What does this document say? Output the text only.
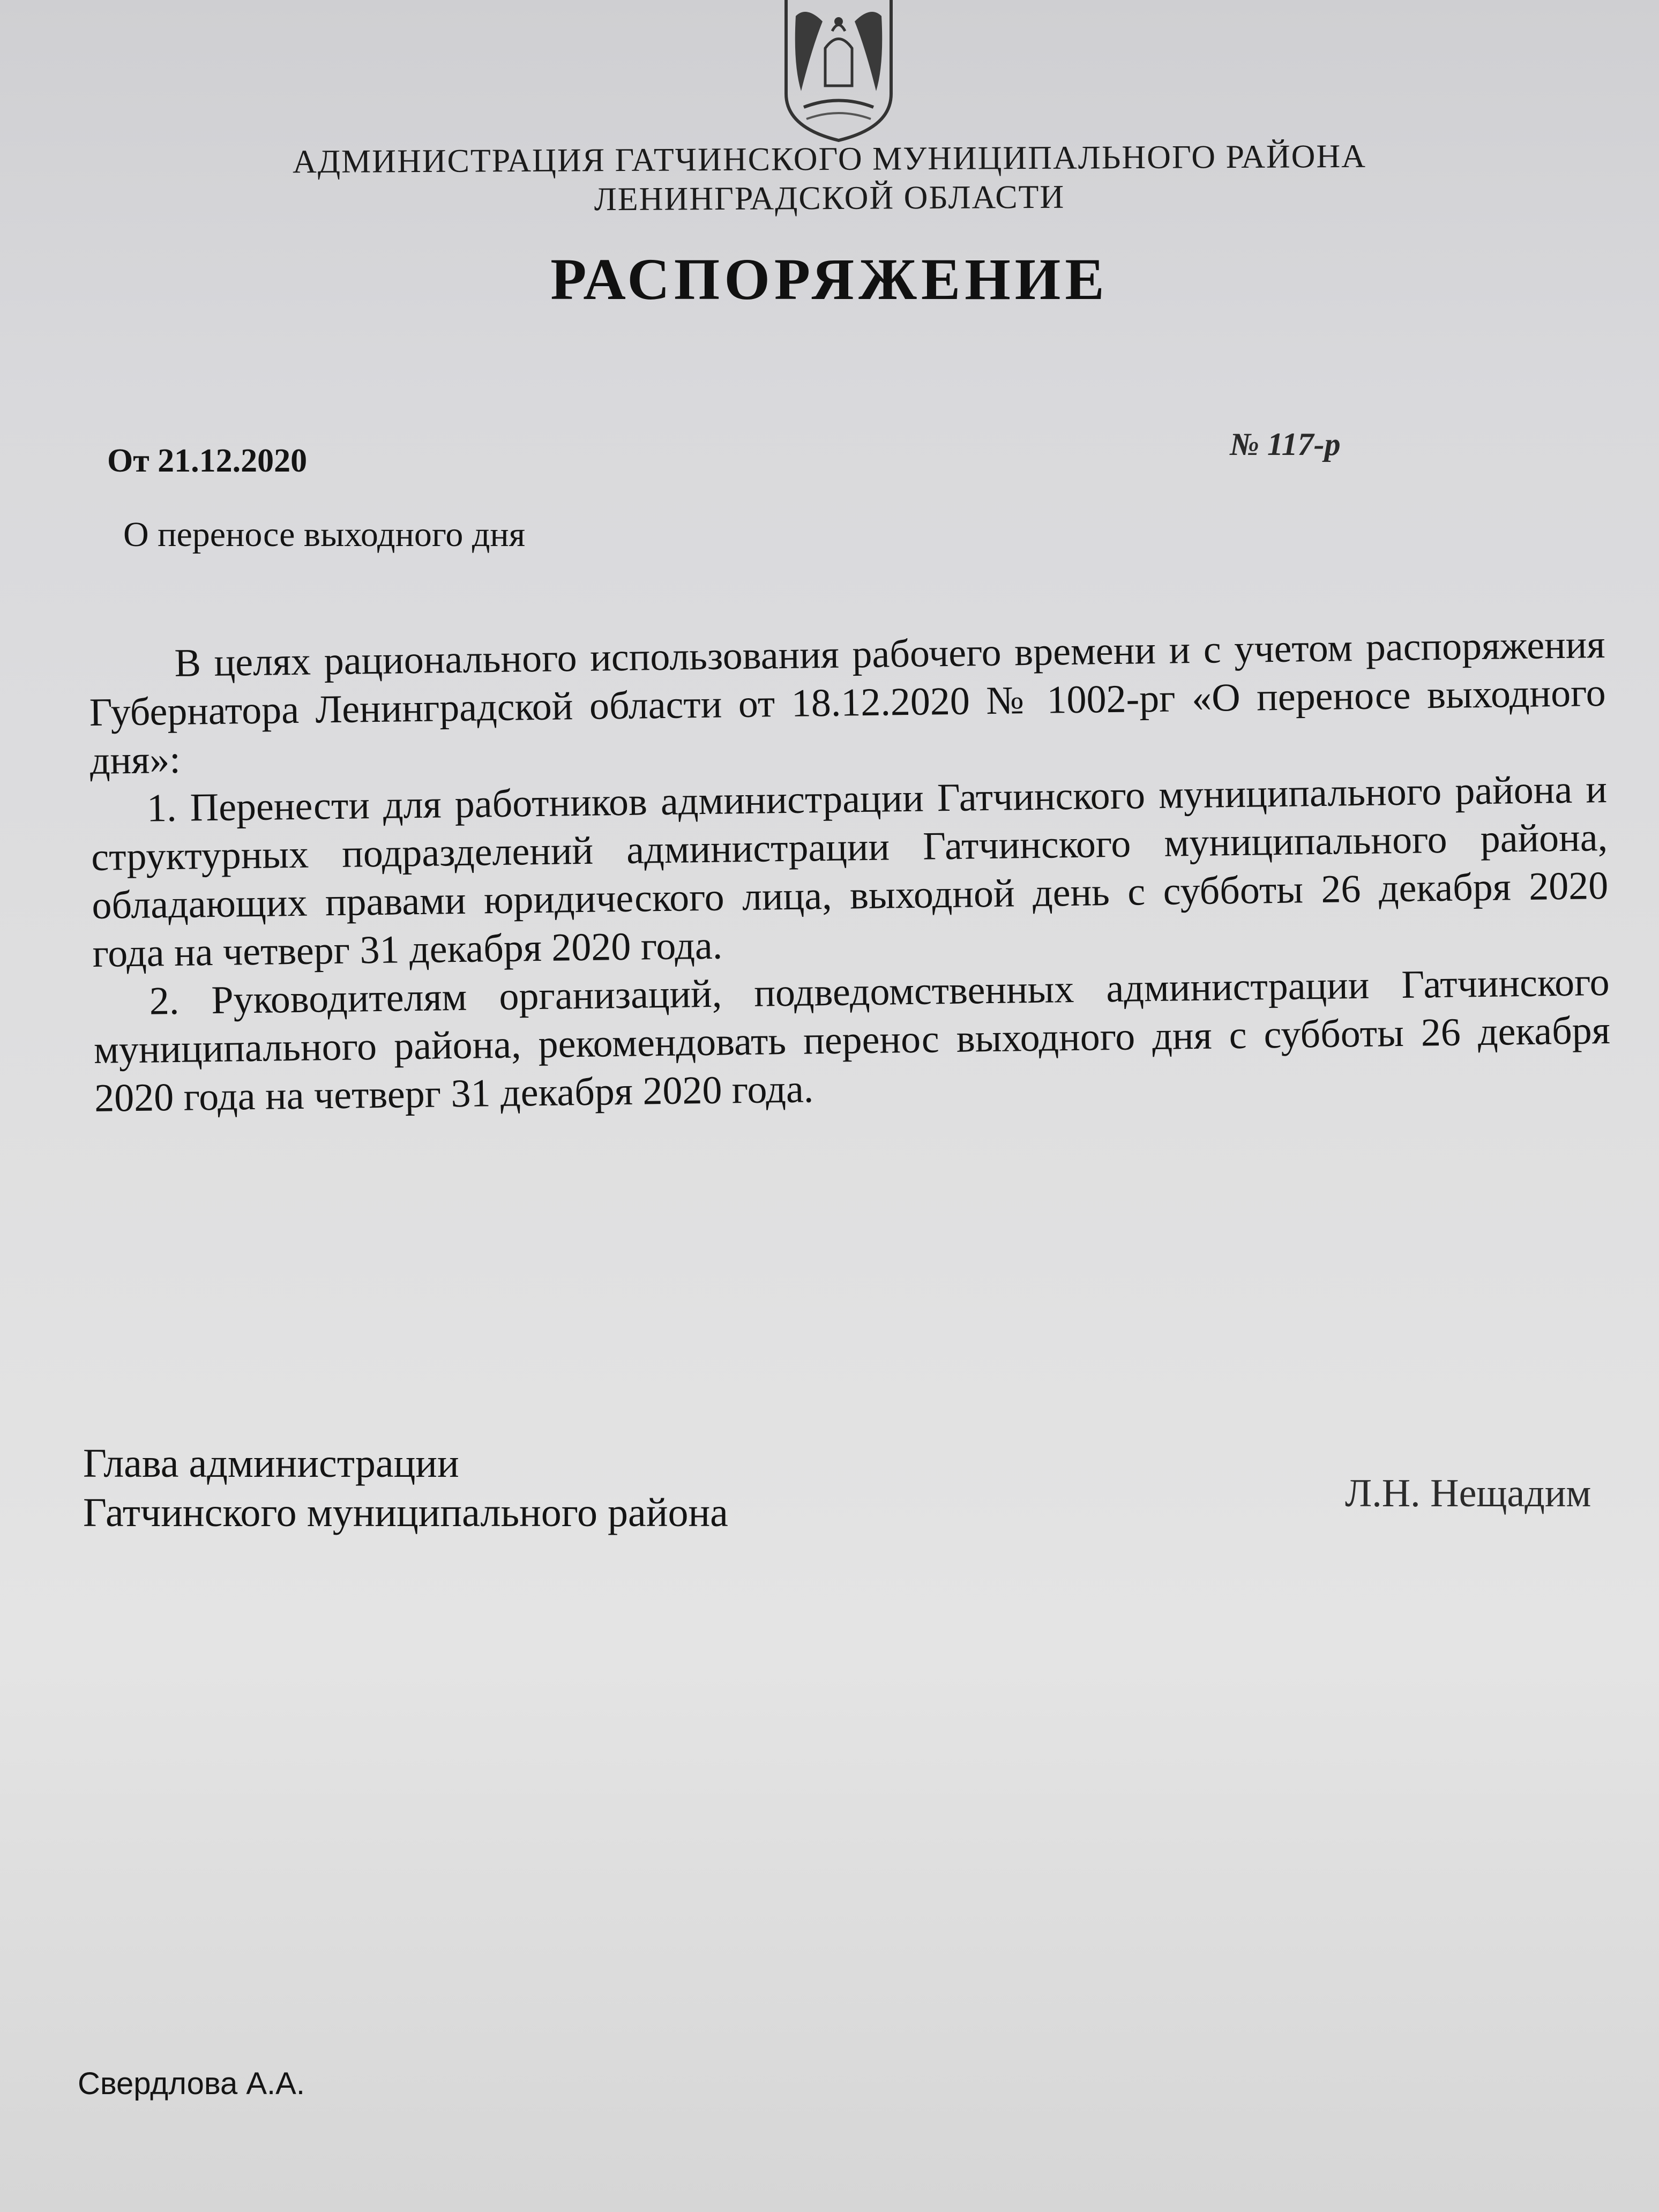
АДМИНИСТРАЦИЯ ГАТЧИНСКОГО МУНИЦИПАЛЬНОГО РАЙОНА
ЛЕНИНГРАДСКОЙ ОБЛАСТИ
РАСПОРЯЖЕНИЕ
От 21.12.2020	№ 117-р
О переносе выходного дня

В целях рационального использования рабочего времени и с учетом распоряжения Губернатора Ленинградской области от 18.12.2020 № 1002-рг «О переносе выходного дня»:

1. Перенести для работников администрации Гатчинского муниципального района и структурных подразделений администрации Гатчинского муниципального района, обладающих правами юридического лица, выходной день с субботы 26 декабря 2020 года на четверг 31 декабря 2020 года.

2. Руководителям организаций, подведомственных администрации Гатчинского муниципального района, рекомендовать перенос выходного дня с субботы 26 декабря 2020 года на четверг 31 декабря 2020 года.

Глава администрации
Гатчинского муниципального района	Л.Н. Нещадим
Свердлова А.А.
